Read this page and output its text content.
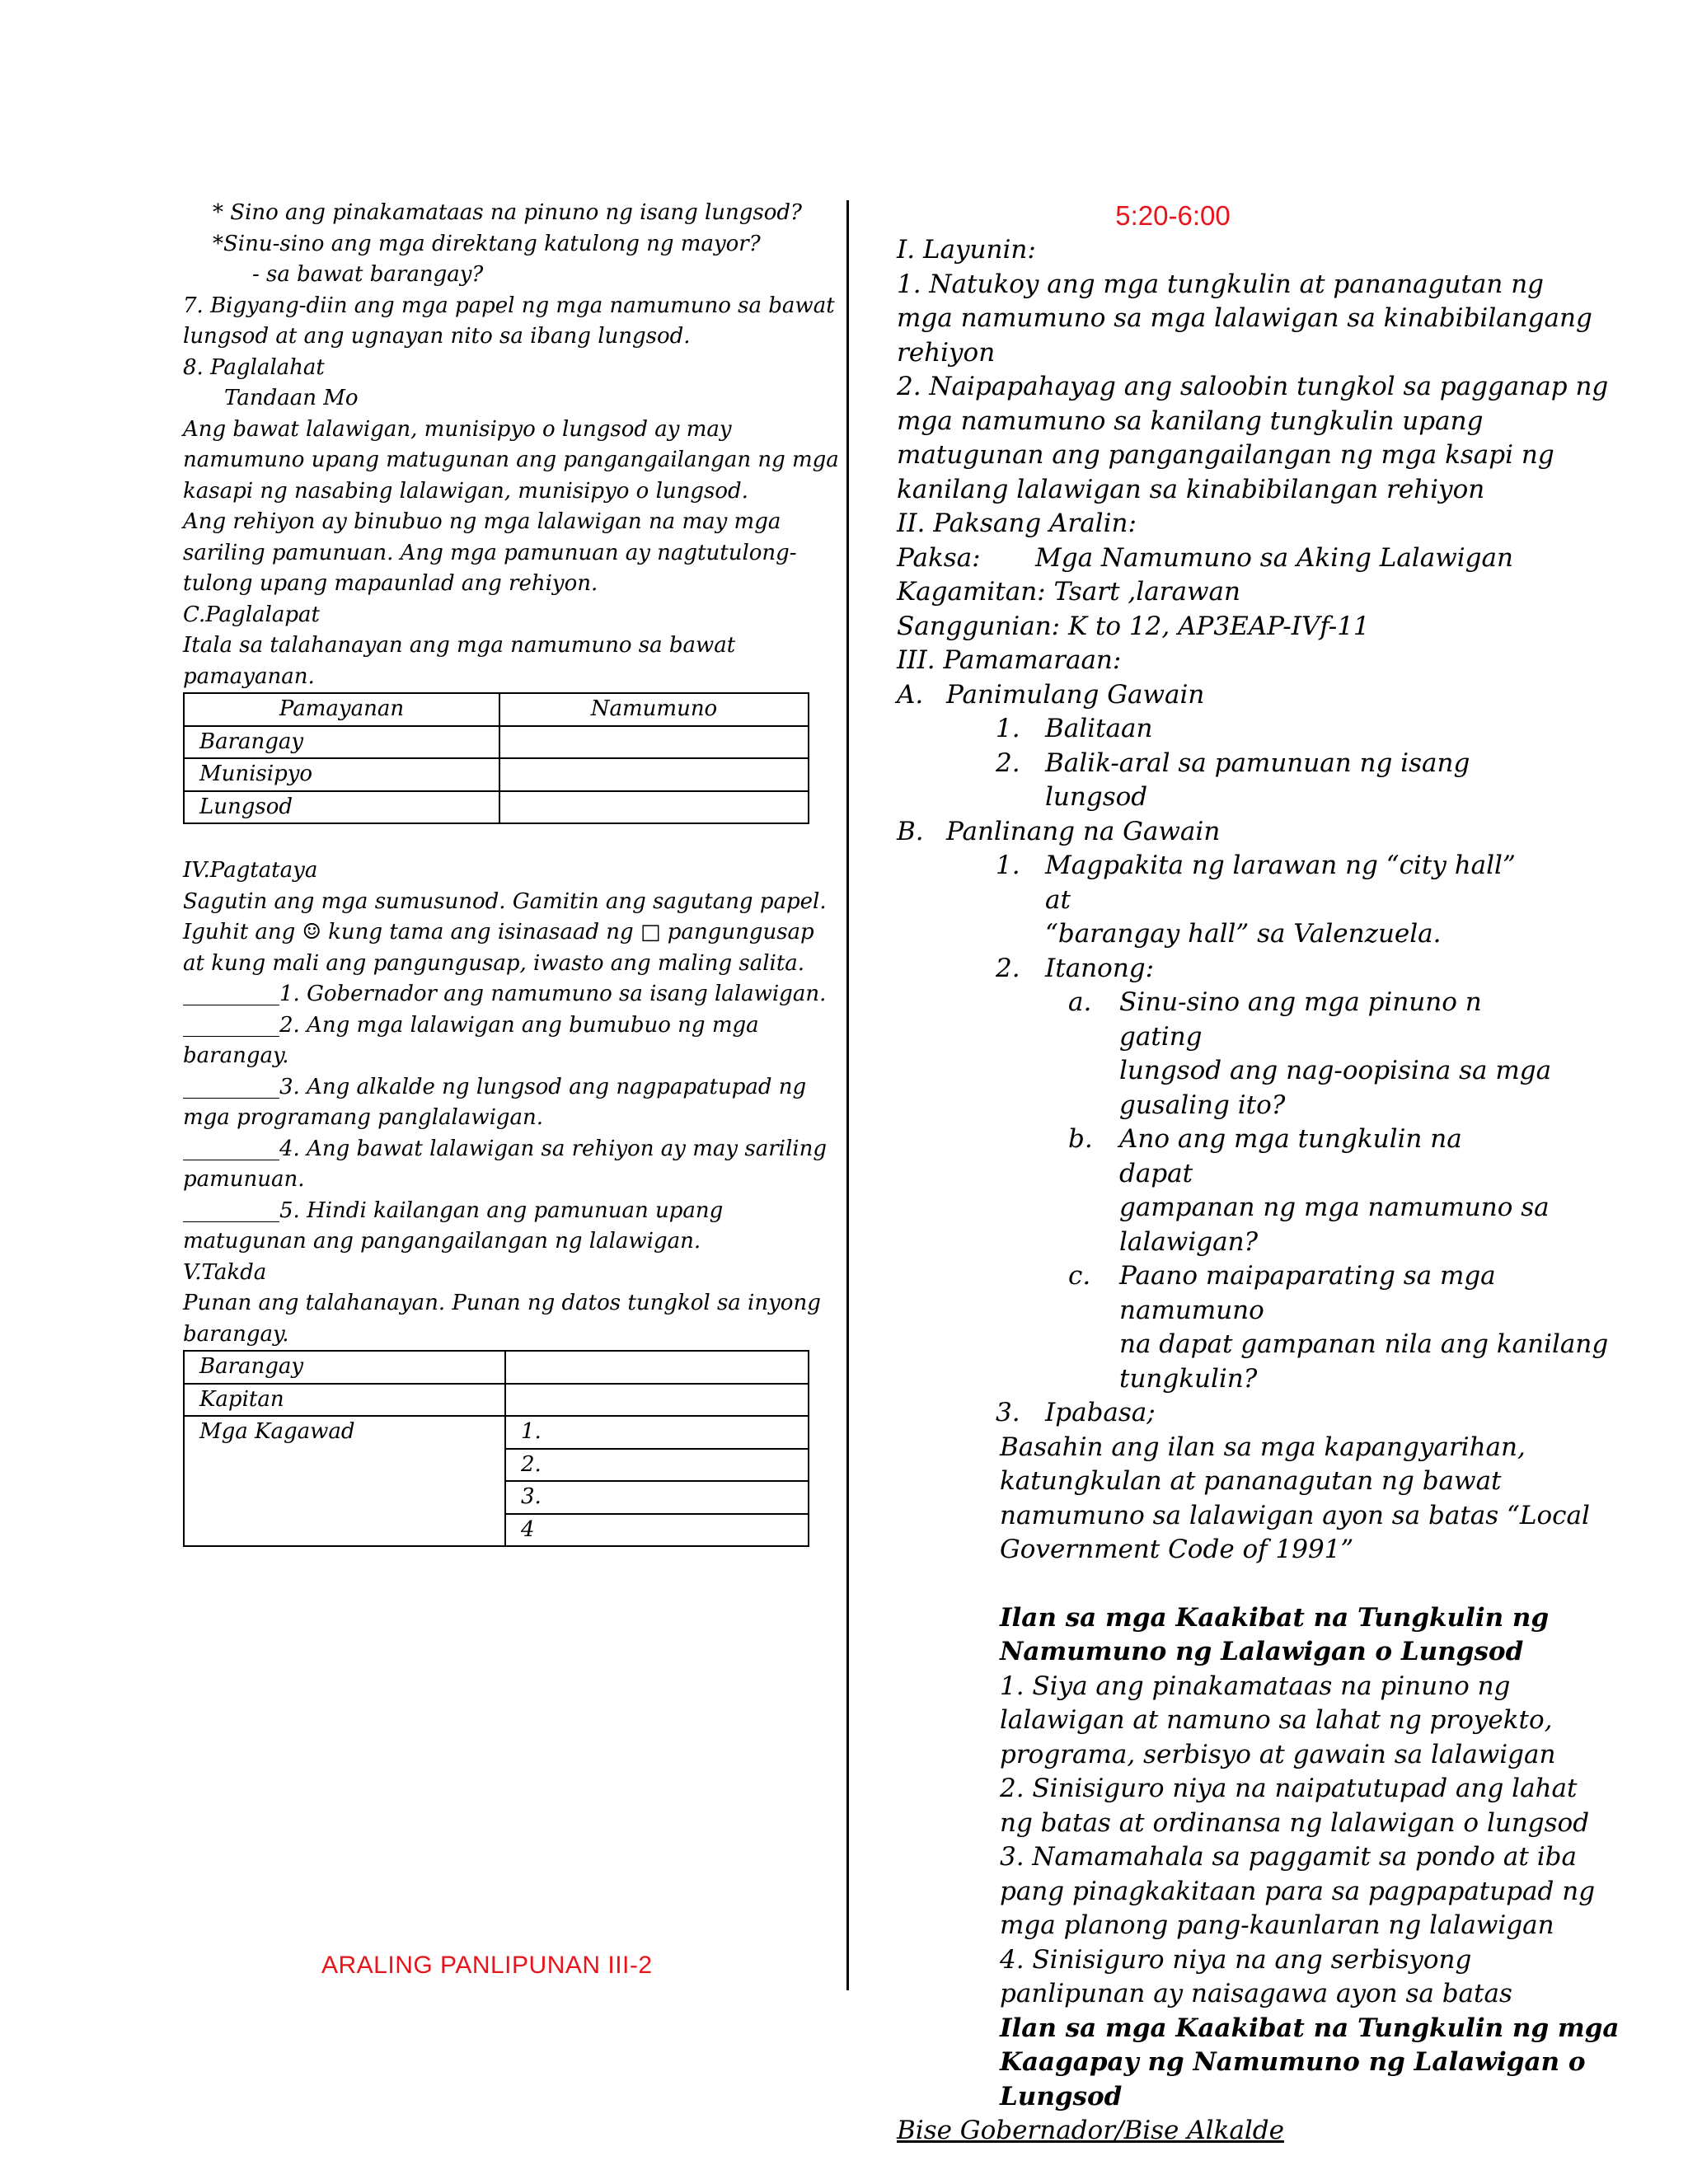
* Sino ang pinakamataas na pinuno ng isang lungsod?
*Sinu-sino ang mga direktang katulong ng mayor?
- sa bawat barangay?
7. Bigyang-diin ang mga papel ng mga namumuno sa bawat
lungsod at ang ugnayan nito sa ibang lungsod.
8. Paglalahat
Tandaan Mo
Ang bawat lalawigan, munisipyo o lungsod ay may
namumuno upang matugunan ang pangangailangan ng mga
kasapi ng nasabing lalawigan, munisipyo o lungsod.
Ang rehiyon ay binubuo ng mga lalawigan na may mga
sariling pamunuan. Ang mga pamunuan ay nagtutulong-
tulong upang mapaunlad ang rehiyon.
C.Paglalapat
Itala sa talahanayan ang mga namumuno sa bawat
pamayanan.
Pamayanan	Namumuno
Barangay	
Munisipyo	
Lungsod	
IV.Pagtataya
Sagutin ang mga sumusunod. Gamitin ang sagutang papel.
Iguhit ang ☺ kung tama ang isinasaad ng □ pangungusap
at kung mali ang pangungusap, iwasto ang maling salita.
_________1. Gobernador ang namumuno sa isang lalawigan.
_________2. Ang mga lalawigan ang bumubuo ng mga
barangay.
_________3. Ang alkalde ng lungsod ang nagpapatupad ng
mga programang panglalawigan.
_________4. Ang bawat lalawigan sa rehiyon ay may sariling
pamunuan.
_________5. Hindi kailangan ang pamunuan upang
matugunan ang pangangailangan ng lalawigan.
V.Takda
Punan ang talahanayan. Punan ng datos tungkol sa inyong
barangay.
Barangay	
Kapitan	
Mga Kagawad	1.
	2.
	3.
	4
5:20-6:00
I. Layunin:
1. Natukoy ang mga tungkulin at pananagutan ng
mga namumuno sa mga lalawigan sa kinabibilangang
rehiyon
2. Naipapahayag ang saloobin tungkol sa pagganap ng
mga namumuno sa kanilang tungkulin upang
matugunan ang pangangailangan ng mga ksapi ng
kanilang lalawigan sa kinabibilangan rehiyon
II. Paksang Aralin:
Paksa: Mga Namumuno sa Aking Lalawigan
Kagamitan: Tsart ,larawan
Sanggunian: K to 12, AP3EAP-IVf-11
III. Pamamaraan:
A. Panimulang Gawain
1. Balitaan
2. Balik-aral sa pamunuan ng isang lungsod
B. Panlinang na Gawain
1. Magpakita ng larawan ng “city hall” at
“barangay hall” sa Valenzuela.
2. Itanong:
a.	Sinu-sino ang mga pinuno n gating
lungsod ang nag-oopisina sa mga
gusaling ito?
b.	Ano ang mga tungkulin na dapat
gampanan ng mga namumuno sa
lalawigan?
c.	Paano maipaparating sa mga namumuno
na dapat gampanan nila ang kanilang
tungkulin?
3. Ipabasa;
Basahin ang ilan sa mga kapangyarihan,
katungkulan at pananagutan ng bawat
namumuno sa lalawigan ayon sa batas “Local
Government Code of 1991”
Ilan sa mga Kaakibat na Tungkulin ng
Namumuno ng Lalawigan o Lungsod
1. Siya ang pinakamataas na pinuno ng
lalawigan at namuno sa lahat ng proyekto,
programa, serbisyo at gawain sa lalawigan
2. Sinisiguro niya na naipatutupad ang lahat
ng batas at ordinansa ng lalawigan o lungsod
3. Namamahala sa paggamit sa pondo at iba
pang pinagkakitaan para sa pagpapatupad ng
mga planong pang-kaunlaran ng lalawigan
4. Sinisiguro niya na ang serbisyong
panlipunan ay naisagawa ayon sa batas
Ilan sa mga Kaakibat na Tungkulin ng mga
Kaagapay ng Namumuno ng Lalawigan o
Lungsod
Bise Gobernador/Bise Alkalde
ARALING PANLIPUNAN III-2
